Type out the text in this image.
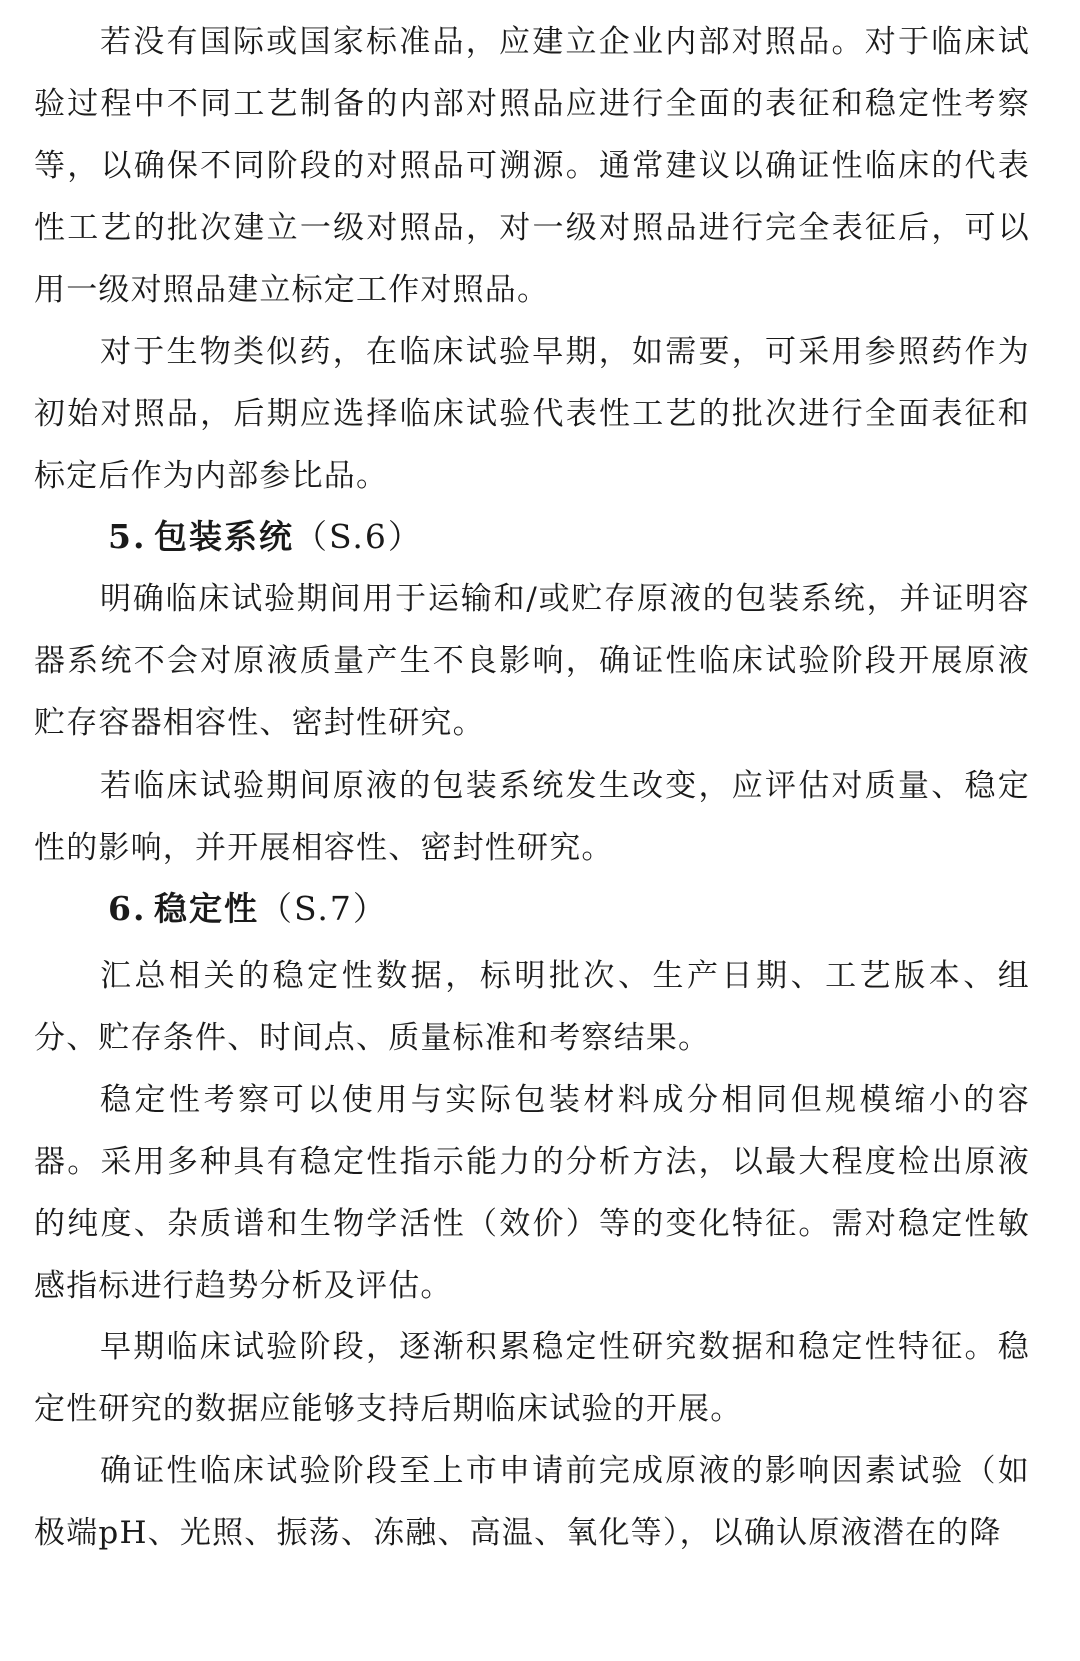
若没有国际或国家标准品，应建立企业内部对照品。对于临床试验过程中不同工艺制备的内部对照品应进行全面的表征和稳定性考察等，以确保不同阶段的对照品可溯源。通常建议以确证性临床的代表性工艺的批次建立一级对照品，对一级对照品进行完全表征后，可以用一级对照品建立标定工作对照品。

对于生物类似药，在临床试验早期，如需要，可采用参照药作为初始对照品，后期应选择临床试验代表性工艺的批次进行全面表征和标定后作为内部参比品。

5. 包装系统（S.6）

明确临床试验期间用于运输和/或贮存原液的包装系统，并证明容器系统不会对原液质量产生不良影响，确证性临床试验阶段开展原液贮存容器相容性、密封性研究。

若临床试验期间原液的包装系统发生改变，应评估对质量、稳定性的影响，并开展相容性、密封性研究。

6. 稳定性（S.7）

汇总相关的稳定性数据，标明批次、生产日期、工艺版本、组分、贮存条件、时间点、质量标准和考察结果。

稳定性考察可以使用与实际包装材料成分相同但规模缩小的容器。采用多种具有稳定性指示能力的分析方法，以最大程度检出原液的纯度、杂质谱和生物学活性（效价）等的变化特征。需对稳定性敏感指标进行趋势分析及评估。

早期临床试验阶段，逐渐积累稳定性研究数据和稳定性特征。稳定性研究的数据应能够支持后期临床试验的开展。

确证性临床试验阶段至上市申请前完成原液的影响因素试验（如极端pH、光照、振荡、冻融、高温、氧化等），以确认原液潜在的降
